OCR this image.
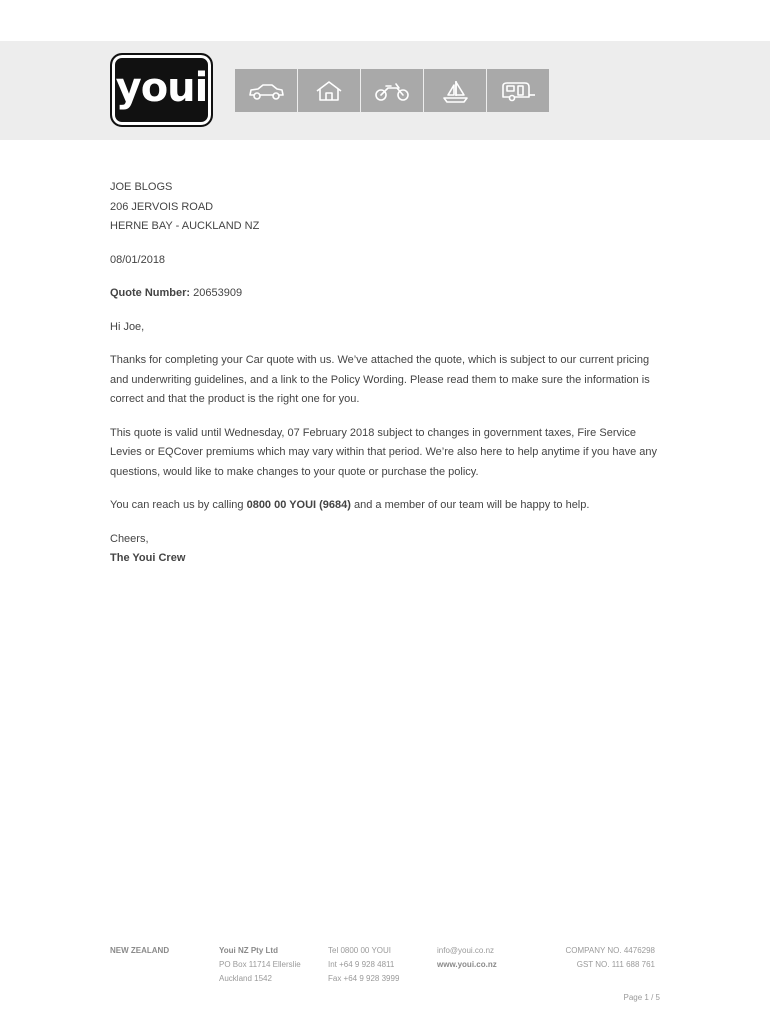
youi

JOE BLOGS

206 JERVOIS ROAD

HERNE BAY - AUCKLAND NZ

08/01/2018

Quote Number: 20653909

Hi Joe,

Thanks for completing your Car quote with us. We’ve attached the quote, which is subject to our current pricing and underwriting guidelines, and a link to the Policy Wording. Please read them to make sure the information is correct and that the product is the right one for you.

This quote is valid until Wednesday, 07 February 2018 subject to changes in government taxes, Fire Service Levies or EQCover premiums which may vary within that period. We’re also here to help anytime if you have any questions, would like to make changes to your quote or purchase the policy.

You can reach us by calling 0800 00 YOUI (9684) and a member of our team will be happy to help.

Cheers,

The Youi Crew

NEW ZEALAND	Youi NZ Pty Ltd
PO Box 11714 Ellerslie
Auckland 1542
Tel 0800 00 YOUI
Int +64 9 928 4811
Fax +64 9 928 3999
info@youi.co.nz
www.youi.co.nz
COMPANY NO. 4476298
GST NO. 111 688 761
Page 1 / 5
